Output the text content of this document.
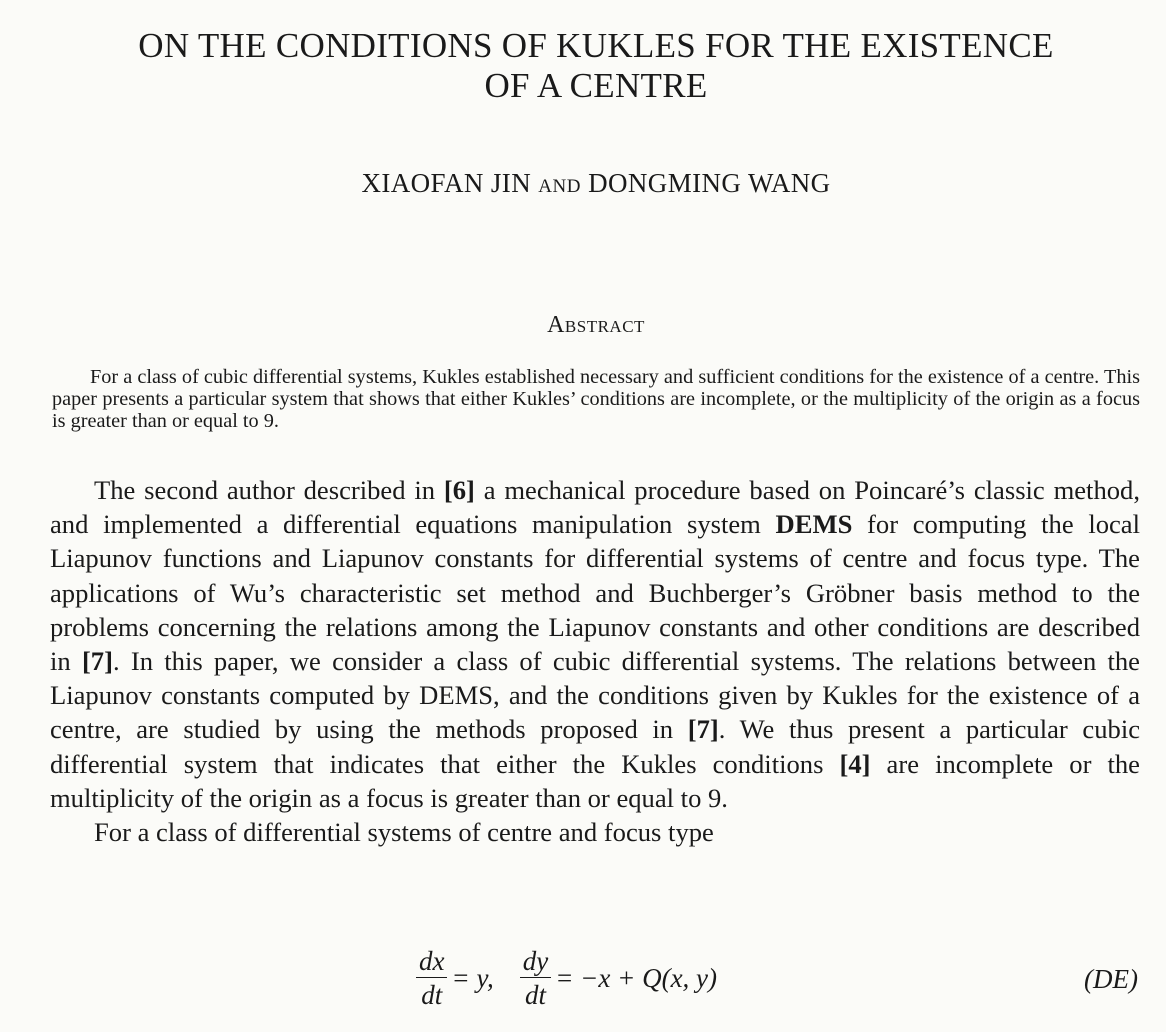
ON THE CONDITIONS OF KUKLES FOR THE EXISTENCE
OF A CENTRE
XIAOFAN JIN AND DONGMING WANG
Abstract

For a class of cubic differential systems, Kukles established necessary and sufficient conditions for the existence of a centre. This paper presents a particular system that shows that either Kukles’ conditions are incomplete, or the multiplicity of the origin as a focus is greater than or equal to 9.

The second author described in [6] a mechanical procedure based on Poincaré’s classic method, and implemented a differential equations manipulation system DEMS for computing the local Liapunov functions and Liapunov constants for differential systems of centre and focus type. The applications of Wu’s characteristic set method and Buchberger’s Gröbner basis method to the problems concerning the relations among the Liapunov constants and other conditions are described in [7]. In this paper, we consider a class of cubic differential systems. The relations between the Liapunov constants computed by DEMS, and the conditions given by Kukles for the existence of a centre, are studied by using the methods proposed in [7]. We thus present a particular cubic differential system that indicates that either the Kukles conditions [4] are incomplete or the multiplicity of the origin as a focus is greater than or equal to 9.

For a class of differential systems of centre and focus type

$\frac{dx}{dt} = y$, $\frac{dy}{dt} = -x + Q(x$, y)	(DE)
